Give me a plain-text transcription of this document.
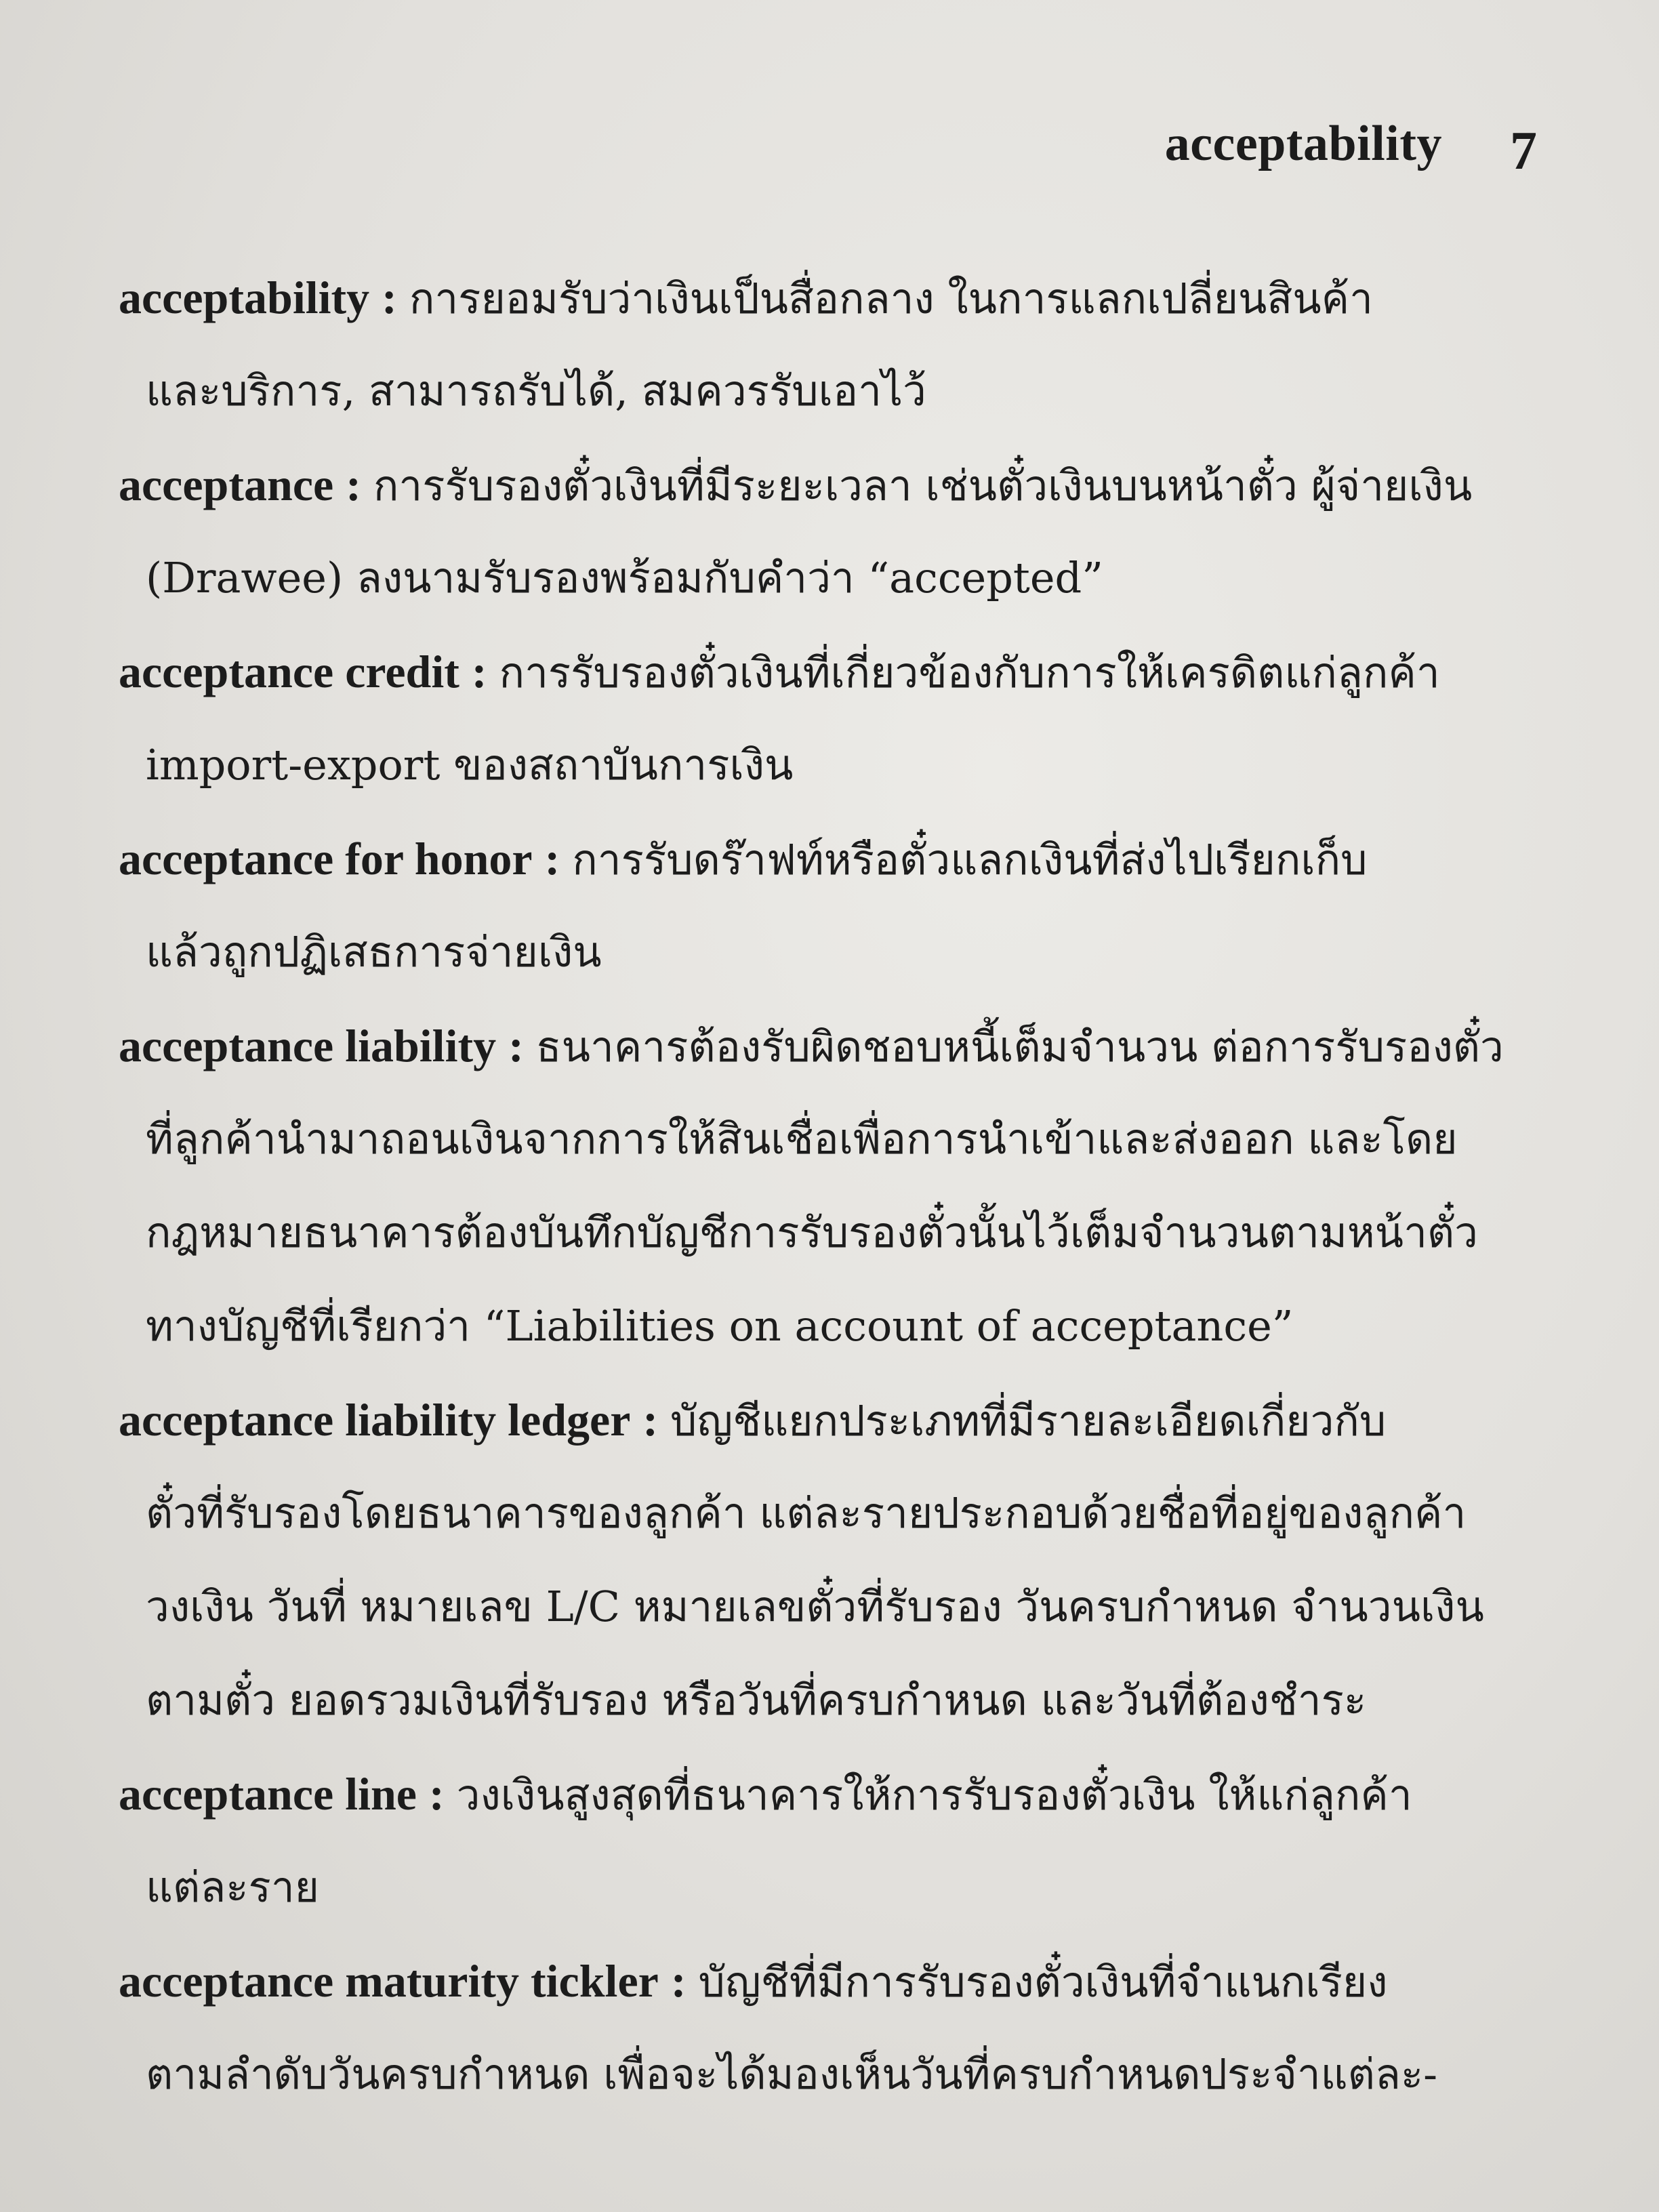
acceptability 7
acceptability : การยอมรับว่าเงินเป็นสื่อกลาง ในการแลกเปลี่ยนสินค้า
และบริการ, สามารถรับได้, สมควรรับเอาไว้
acceptance : การรับรองตั๋วเงินที่มีระยะเวลา เช่นตั๋วเงินบนหน้าตั๋ว ผู้จ่ายเงิน
(Drawee) ลงนามรับรองพร้อมกับคำว่า “accepted”
acceptance credit : การรับรองตั๋วเงินที่เกี่ยวข้องกับการให้เครดิตแก่ลูกค้า
import-export ของสถาบันการเงิน
acceptance for honor : การรับดร๊าฟท์หรือตั๋วแลกเงินที่ส่งไปเรียกเก็บ
แล้วถูกปฏิเสธการจ่ายเงิน
acceptance liability : ธนาคารต้องรับผิดชอบหนี้เต็มจำนวน ต่อการรับรองตั๋ว
ที่ลูกค้านำมาถอนเงินจากการให้สินเชื่อเพื่อการนำเข้าและส่งออก และโดย
กฎหมายธนาคารต้องบันทึกบัญชีการรับรองตั๋วนั้นไว้เต็มจำนวนตามหน้าตั๋ว
ทางบัญชีที่เรียกว่า “Liabilities on account of acceptance”
acceptance liability ledger : บัญชีแยกประเภทที่มีรายละเอียดเกี่ยวกับ
ตั๋วที่รับรองโดยธนาคารของลูกค้า แต่ละรายประกอบด้วยชื่อที่อยู่ของลูกค้า
วงเงิน วันที่ หมายเลข L/C หมายเลขตั๋วที่รับรอง วันครบกำหนด จำนวนเงิน
ตามตั๋ว ยอดรวมเงินที่รับรอง หรือวันที่ครบกำหนด และวันที่ต้องชำระ
acceptance line : วงเงินสูงสุดที่ธนาคารให้การรับรองตั๋วเงิน ให้แก่ลูกค้า
แต่ละราย
acceptance maturity tickler : บัญชีที่มีการรับรองตั๋วเงินที่จำแนกเรียง
ตามลำดับวันครบกำหนด เพื่อจะได้มองเห็นวันที่ครบกำหนดประจำแต่ละ-
